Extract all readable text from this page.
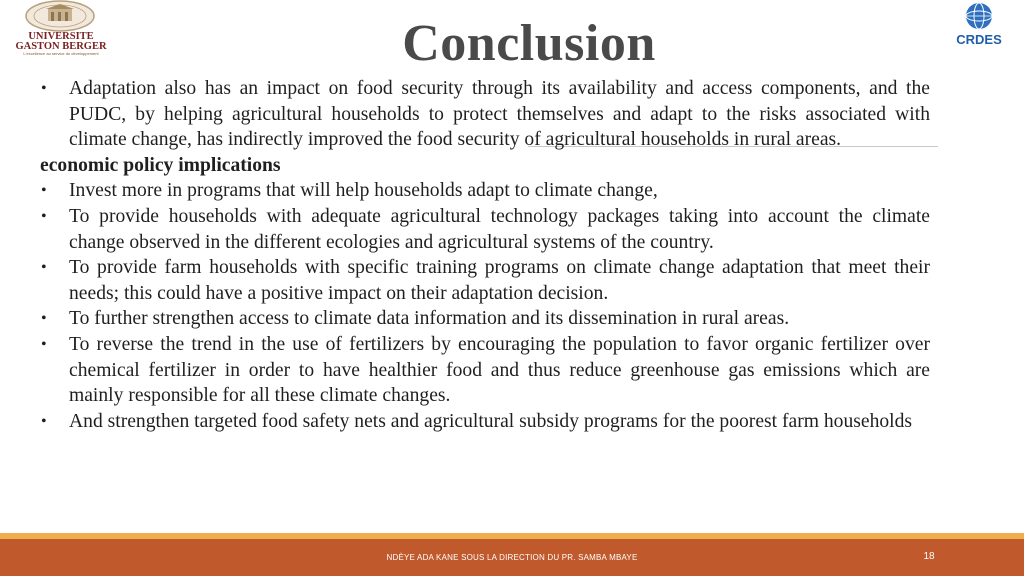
UNIVERSITE
GASTON BERGER
L'excellence au service du développement
CRDES
Conclusion
•	Adaptation also has an impact on food security through its availability and access components, and the PUDC, by helping agricultural households to protect themselves and adapt to the risks associated with climate change, has indirectly improved the food security of agricultural households in rural areas.
economic policy implications
•	Invest more in programs that will help households adapt to climate change,
•	To provide households with adequate agricultural technology packages taking into account the climate change observed in the different ecologies and agricultural systems of the country.
•	To provide farm households with specific training programs on climate change adaptation that meet their needs; this could have a positive impact on their adaptation decision.
•	To further strengthen access to climate data information and its dissemination in rural areas.
•	To reverse the trend in the use of fertilizers by encouraging the population to favor organic fertilizer over chemical fertilizer in order to have healthier food and thus reduce greenhouse gas emissions which are mainly responsible for all these climate changes.
•	And strengthen targeted food safety nets and agricultural subsidy programs for the poorest farm households
NDÈYE ADA KANE SOUS LA DIRECTION DU PR. SAMBA MBAYE	18
